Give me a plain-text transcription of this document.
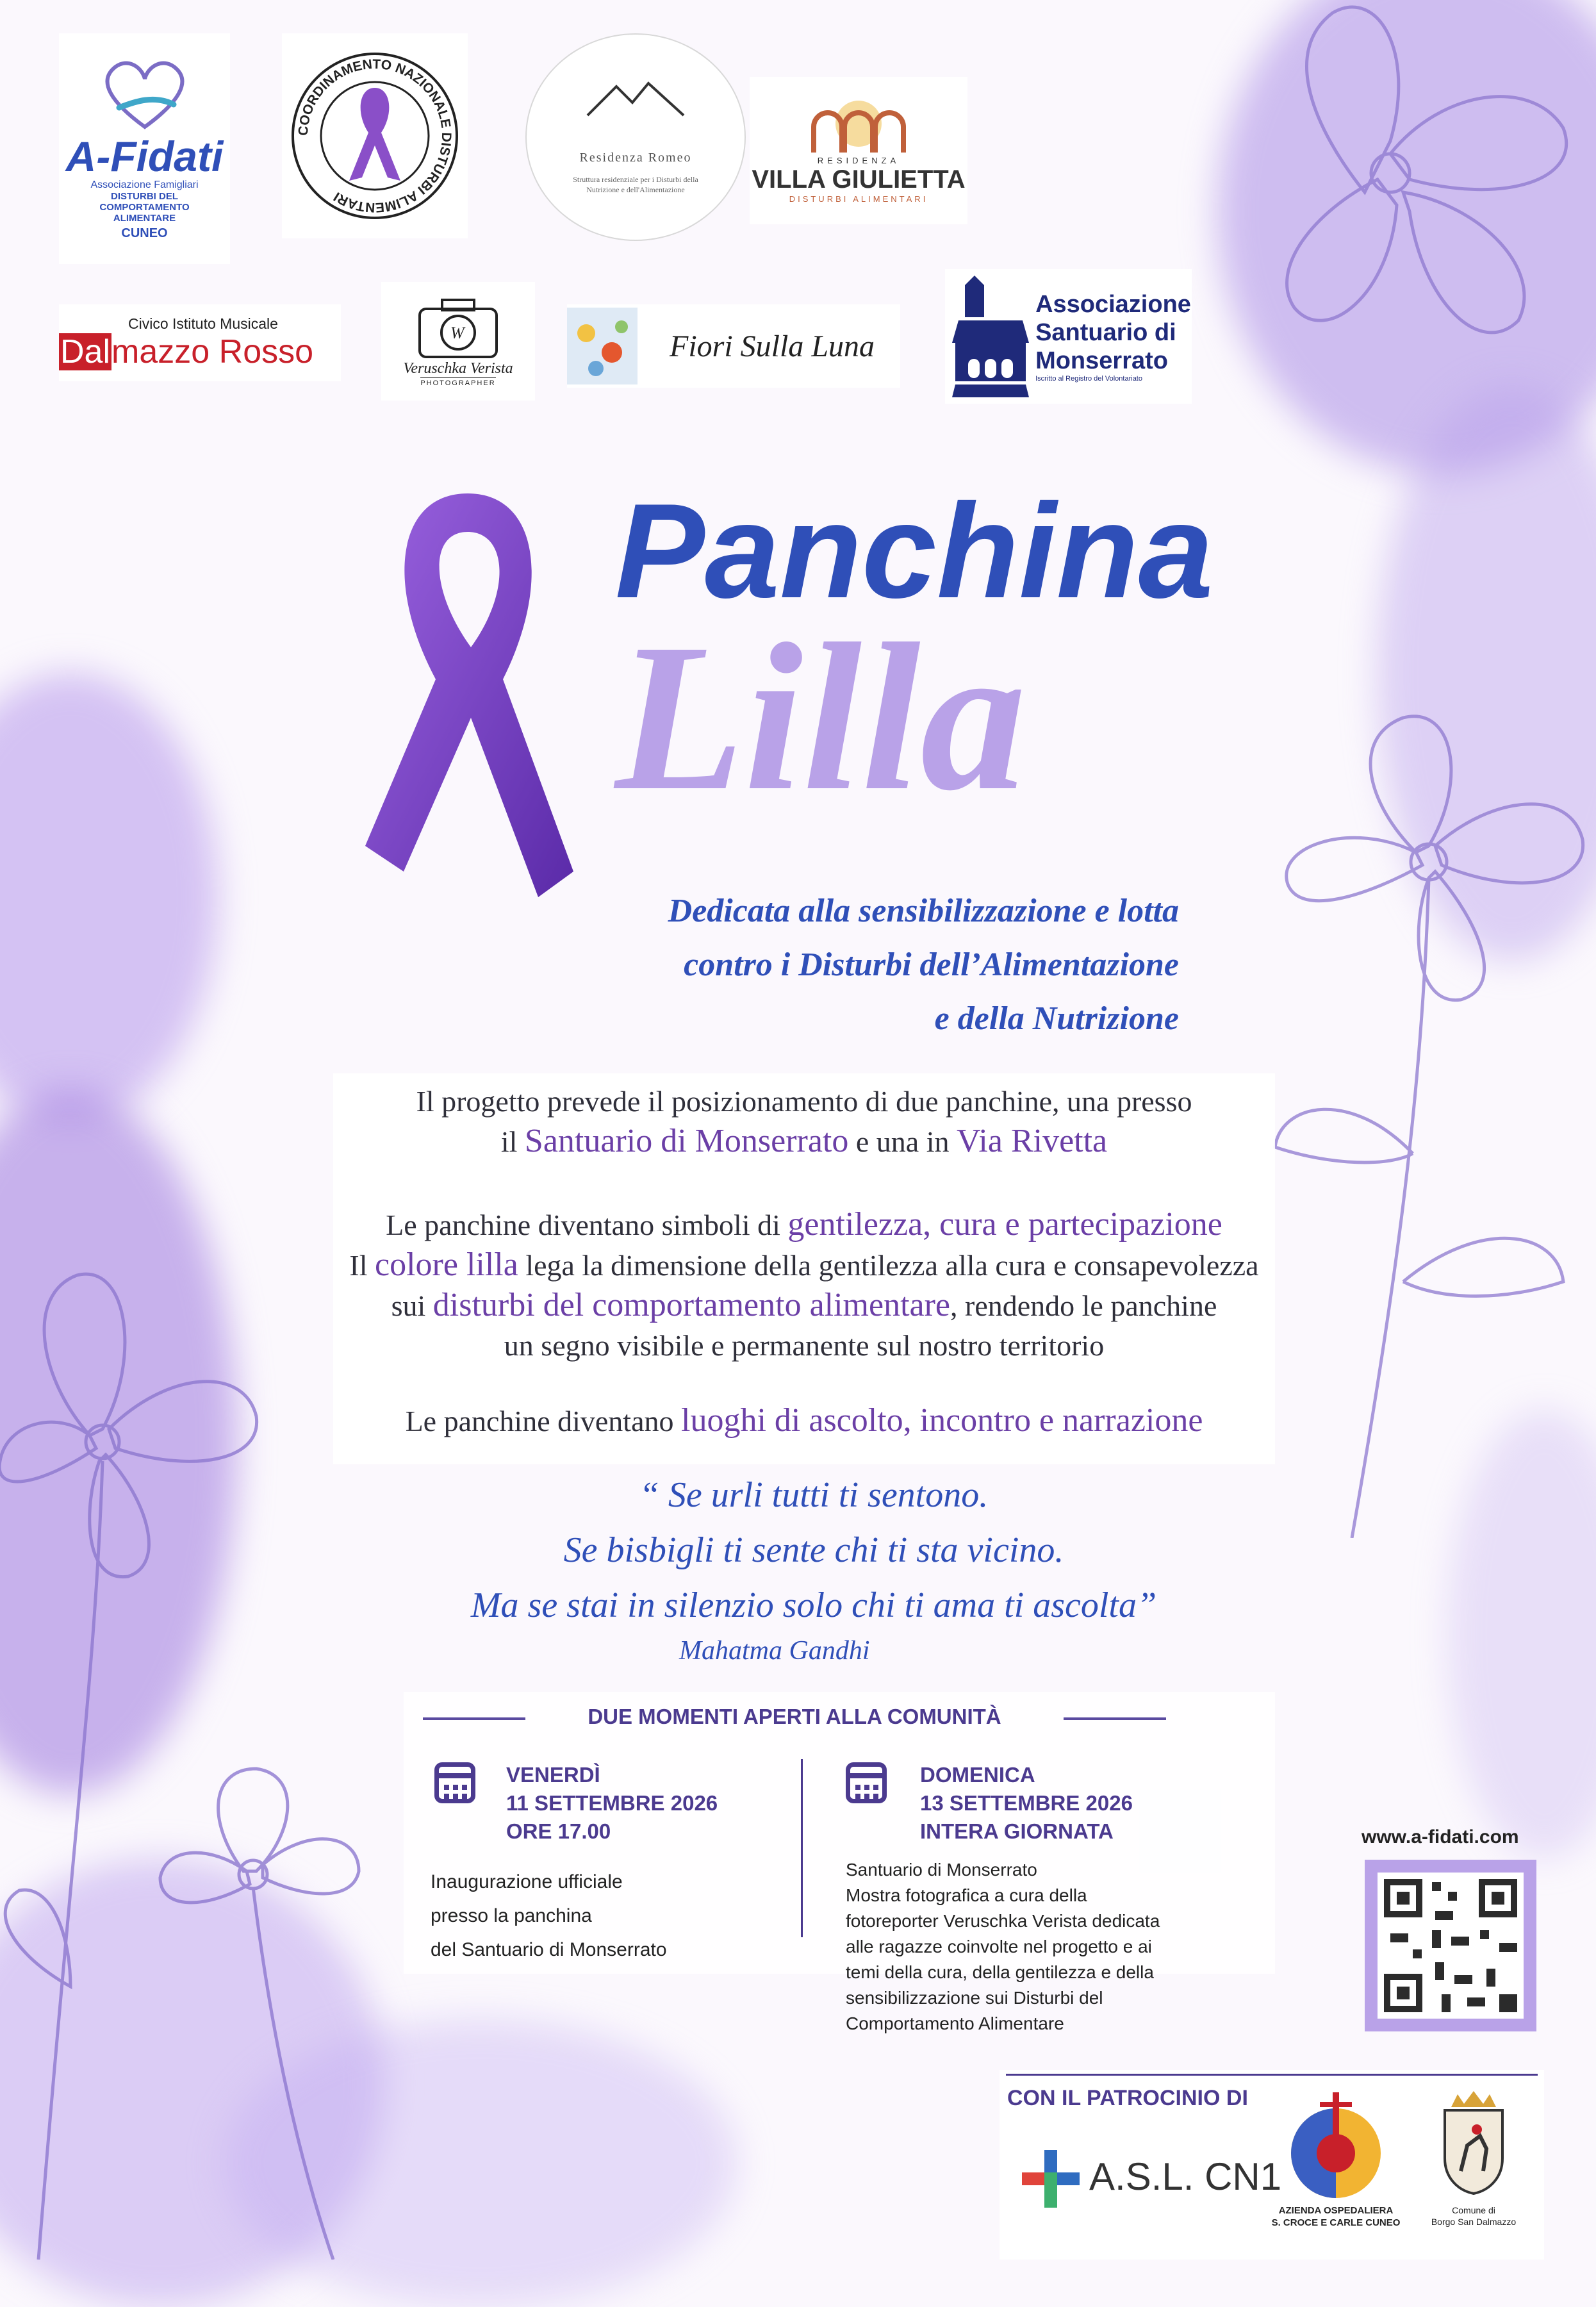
A-Fidati
Associazione Famigliari
DISTURBI DEL COMPORTAMENTO ALIMENTARE
CUNEO
COORDINAMENTO NAZIONALE DISTURBI ALIMENTARI
Residenza Romeo
Struttura residenziale per i Disturbi della Nutrizione e dell'Alimentazione
RESIDENZA
VILLA GIULIETTA
DISTURBI ALIMENTARI
Civico Istituto Musicale
Dalmazzo Rosso
W
Veruschka Verista
PHOTOGRAPHER
Fiori Sulla Luna
Associazione
Santuario di
Monserrato
Iscritto al Registro del Volontariato
Panchina
Lilla
Dedicata alla sensibilizzazione e lotta
contro i Disturbi dell’Alimentazione
e della Nutrizione
Il progetto prevede il posizionamento di due panchine, una presso
il Santuario di Monserrato e una in Via Rivetta
Le panchine diventano simboli di gentilezza, cura e partecipazione
Il colore lilla lega la dimensione della gentilezza alla cura e consapevolezza
sui disturbi del comportamento alimentare, rendendo le panchine
un segno visibile e permanente sul nostro territorio
Le panchine diventano luoghi di ascolto, incontro e narrazione
“ Se urli tutti ti sentono.
Se bisbigli ti sente chi ti sta vicino.
Ma se stai in silenzio solo chi ti ama ti ascolta”
Mahatma Gandhi
DUE MOMENTI APERTI ALLA COMUNITÀ
VENERDÌ
11 SETTEMBRE 2026
ORE 17.00
Inaugurazione ufficiale
presso la panchina
del Santuario di Monserrato
DOMENICA
13 SETTEMBRE 2026
INTERA GIORNATA
Santuario di Monserrato
Mostra fotografica a cura della
fotoreporter Veruschka Verista dedicata
alle ragazze coinvolte nel progetto e ai
temi della cura, della gentilezza e della
sensibilizzazione sui Disturbi del
Comportamento Alimentare
www.a-fidati.com
CON IL PATROCINIO DI
A.S.L. CN1
AZIENDA OSPEDALIERA
S. CROCE E CARLE CUNEO
Comune di
Borgo San Dalmazzo
